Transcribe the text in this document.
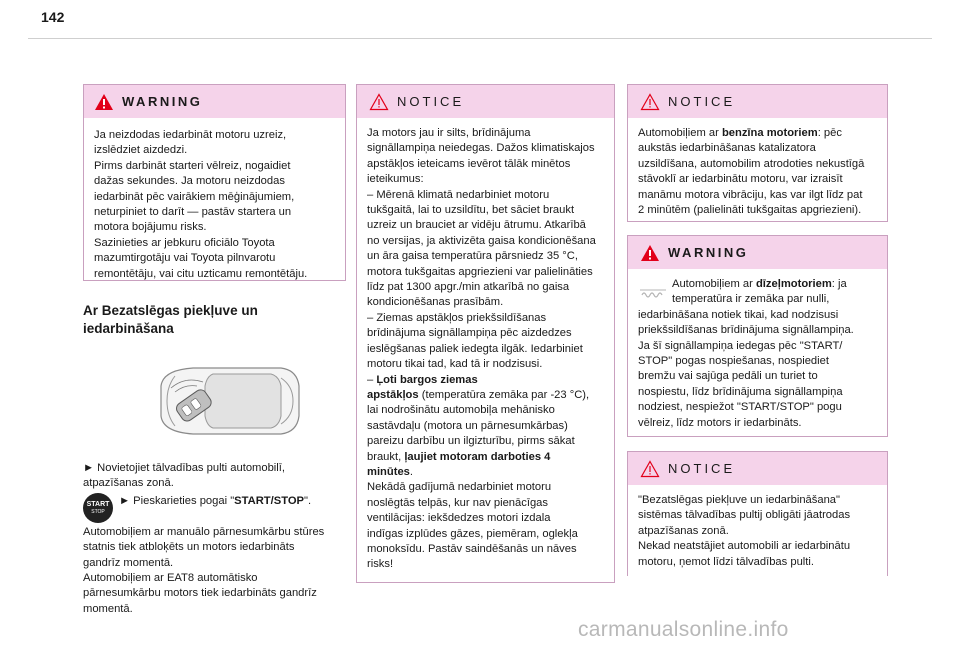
142
WARNING

Ja neizdodas iedarbināt motoru uzreiz,

izslēdziet aizdedzi.

Pirms darbināt starteri vēlreiz, nogaidiet

dažas sekundes. Ja motoru neizdodas

iedarbināt pēc vairākiem mēģinājumiem,

neturpiniet to darīt — pastāv startera un

motora bojājumu risks.

Sazinieties ar jebkuru oficiālo Toyota

mazumtirgotāju vai Toyota pilnvarotu

remontētāju, vai citu uzticamu remontētāju.

Ar Bezatslēgas piekļuve un

iedarbināšana

► Novietojiet tālvadības pulti automobilī,

atpazīšanas zonā.

START
STOP

► Pieskarieties pogai "START/STOP".

Automobiļiem ar manuālo pārnesumkārbu stūres

statnis tiek atbloķēts un motors iedarbināts

gandrīz momentā.

Automobiļiem ar EAT8 automātisko

pārnesumkārbu motors tiek iedarbināts gandrīz

momentā.

NOTICE

Ja motors jau ir silts, brīdinājuma

signāllampiņa neiedegas. Dažos klimatiskajos

apstākļos ieteicams ievērot tālāk minētos

ieteikumus:

– Mērenā klimatā nedarbiniet motoru

tukšgaitā, lai to uzsildītu, bet sāciet braukt

uzreiz un brauciet ar vidēju ātrumu. Atkarībā

no versijas, ja aktivizēta gaisa kondicionēšana

un āra gaisa temperatūra pārsniedz 35 °C,

motora tukšgaitas apgriezieni var palielināties

līdz pat 1300 apgr./min atkarībā no gaisa

kondicionēšanas prasībām.

– Ziemas apstākļos priekšsildīšanas

brīdinājuma signāllampiņa pēc aizdedzes

ieslēgšanas paliek iedegta ilgāk. Iedarbiniet

motoru tikai tad, kad tā ir nodzisusi.

– Ļoti bargos ziemas

apstākļos (temperatūra zemāka par -23 °C),

lai nodrošinātu automobiļa mehānisko

sastāvdaļu (motora un pārnesumkārbas)

pareizu darbību un ilgizturību, pirms sākat

braukt, ļaujiet motoram darboties 4

minūtes.

Nekādā gadījumā nedarbiniet motoru

noslēgtās telpās, kur nav pienācīgas

ventilācijas: iekšdedzes motori izdala

indīgas izplūdes gāzes, piemēram, oglekļa

monoksīdu. Pastāv saindēšanās un nāves

risks!

NOTICE

Automobiļiem ar benzīna motoriem: pēc

aukstās iedarbināšanas katalizatora

uzsildīšana, automobilim atrodoties nekustīgā

stāvoklī ar iedarbinātu motoru, var izraisīt

manāmu motora vibrāciju, kas var ilgt līdz pat

2 minūtēm (palielināti tukšgaitas apgriezieni).

WARNING

Automobiļiem ar dīzeļmotoriem: ja

temperatūra ir zemāka par nulli,

iedarbināšana notiek tikai, kad nodzisusi

priekšsildīšanas brīdinājuma signāllampiņa.

Ja šī signāllampiņa iedegas pēc "START/

STOP" pogas nospiešanas, nospiediet

bremžu vai sajūga pedāli un turiet to

nospiestu, līdz brīdinājuma signāllampiņa

nodziest, nespiežot "START/STOP" pogu

vēlreiz, līdz motors ir iedarbināts.

NOTICE

"Bezatslēgas piekļuve un iedarbināšana"

sistēmas tālvadības pultij obligāti jāatrodas

atpazīšanas zonā.

Nekad neatstājiet automobili ar iedarbinātu

motoru, ņemot līdzi tālvadības pulti.

carmanualsonline.info
